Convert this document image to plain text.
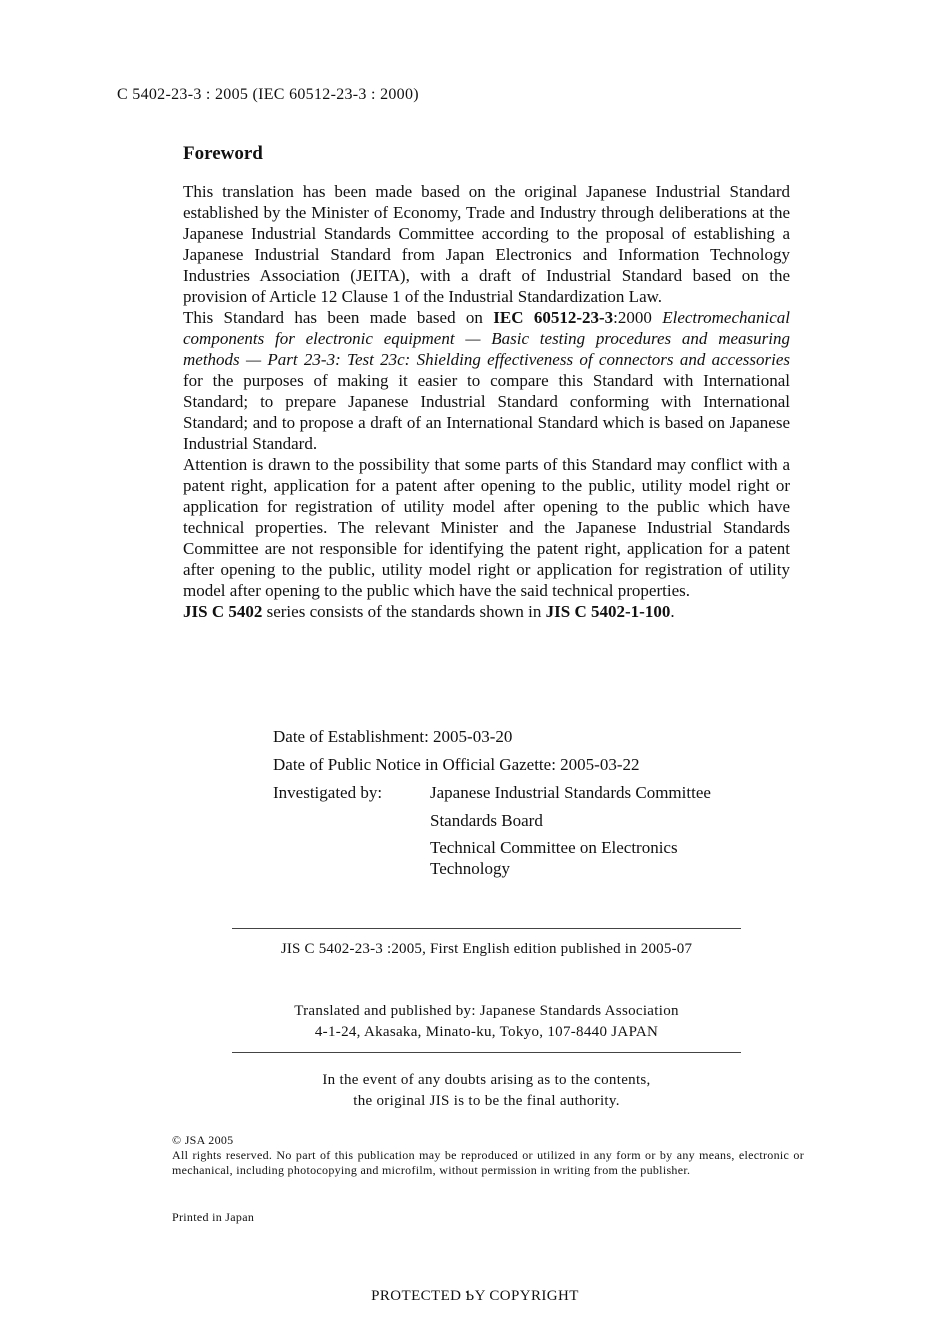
C 5402-23-3 : 2005 (IEC 60512-23-3 : 2000)
Foreword

This translation has been made based on the original Japanese Industrial Standard established by the Minister of Economy, Trade and Industry through deliberations at the Japanese Industrial Standards Committee according to the proposal of establishing a Japanese Industrial Standard from Japan Electronics and Information Technology Industries Association (JEITA), with a draft of Industrial Standard based on the provision of Article 12 Clause 1 of the Industrial Standardization Law.

This Standard has been made based on IEC 60512-23-3:2000 Electromechanical components for electronic equipment — Basic testing procedures and measuring methods — Part 23-3: Test 23c: Shielding effectiveness of connectors and accessories for the purposes of making it easier to compare this Standard with International Standard; to prepare Japanese Industrial Standard conforming with International Standard; and to propose a draft of an International Standard which is based on Japanese Industrial Standard.

Attention is drawn to the possibility that some parts of this Standard may conflict with a patent right, application for a patent after opening to the public, utility model right or application for registration of utility model after opening to the public which have technical properties. The relevant Minister and the Japanese Industrial Standards Committee are not responsible for identifying the patent right, application for a patent after opening to the public, utility model right or application for registration of utility model after opening to the public which have the said technical properties.

JIS C 5402 series consists of the standards shown in JIS C 5402-1-100.

Date of Establishment: 2005-03-20
Date of Public Notice in Official Gazette: 2005-03-22
Investigated by:	Japanese Industrial Standards Committee
Standards Board
Technical Committee on Electronics
Technology
JIS C 5402-23-3 :2005, First English edition published in 2005-07
Translated and published by: Japanese Standards Association
4-1-24, Akasaka, Minato-ku, Tokyo, 107-8440 JAPAN
In the event of any doubts arising as to the contents,
the original JIS is to be the final authority.
© JSA 2005
All rights reserved. No part of this publication may be reproduced or utilized in any form or by any means, electronic or mechanical, including photocopying and microfilm, without permission in writing from the publisher.
Printed in Japan
PROTECTED ƄY COPYRIGHT
